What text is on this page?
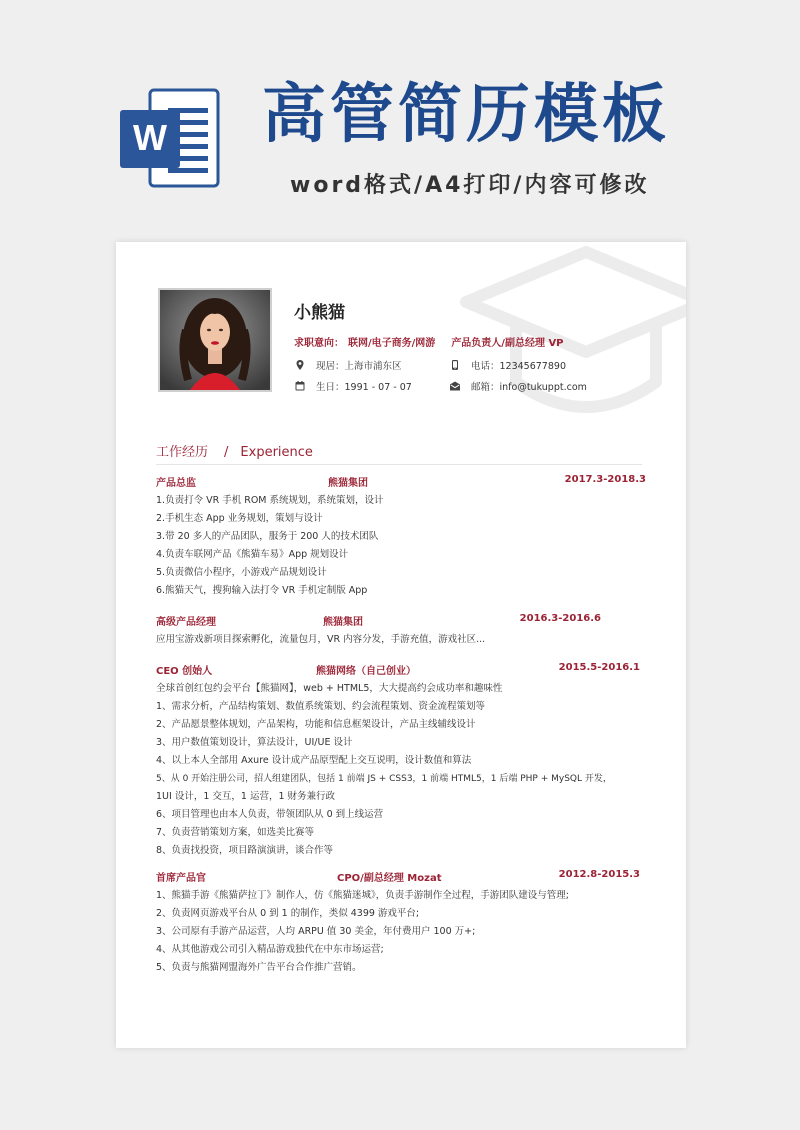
W 高管简历模板
word格式/A4打印/内容可修改
小熊猫
求职意向： 联网/电子商务/网游 产品负责人/副总经理 VP
现居：上海市浦东区	电话：12345677890
生日：1991 - 07 - 07	邮箱：info@tukuppt.com
工作经历 / Experience
产品总监	熊猫集团	2017.3-2018.3
1.负责打令 VR 手机 ROM 系统规划，系统策划，设计
2.手机生态 App 业务规划，策划与设计
3.带 20 多人的产品团队，服务于 200 人的技术团队
4.负责车联网产品《熊猫车易》App 规划设计
5.负责微信小程序，小游戏产品规划设计
6.熊猫天气，搜狗输入法打令 VR 手机定制版 App
高级产品经理	熊猫集团	2016.3-2016.6
应用宝游戏新项目探索孵化，流量包月，VR 内容分发，手游充值，游戏社区...
CEO 创始人	熊猫网络（自己创业）	2015.5-2016.1
全球首创红包约会平台【熊猫网】，web + HTML5，大大提高约会成功率和趣味性
1、需求分析，产品结构策划、数值系统策划、约会流程策划、资金流程策划等
2、产品愿景整体规划，产品架构，功能和信息框架设计，产品主线辅线设计
3、用户数值策划设计，算法设计，UI/UE 设计
4、以上本人全部用 Axure 设计成产品原型配上交互说明，设计数值和算法
5、从 0 开始注册公司，招人组建团队，包括 1 前端 JS + CSS3，1 前端 HTML5，1 后端 PHP + MySQL 开发，
1UI 设计，1 交互，1 运营，1 财务兼行政
6、项目管理也由本人负责，带领团队从 0 到上线运营
7、负责营销策划方案，如选美比赛等
8、负责找投资，项目路演演讲，谈合作等
首席产品官	CPO/副总经理 Mozat	2012.8-2015.3
1、熊猫手游《熊猫萨拉丁》制作人，仿《熊猫迷城》，负责手游制作全过程，手游团队建设与管理;
2、负责网页游戏平台从 0 到 1 的制作，类似 4399 游戏平台;
3、公司原有手游产品运营，人均 ARPU 值 30 美金，年付费用户 100 万+;
4、从其他游戏公司引入精品游戏独代在中东市场运营;
5、负责与熊猫网盟海外广告平台合作推广营销。
